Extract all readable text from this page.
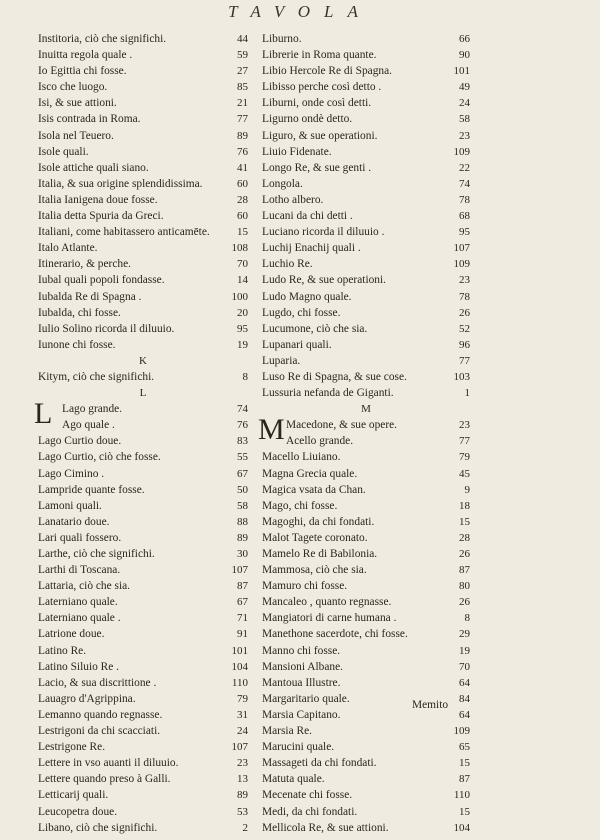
TAVOLA
Institoria, ciò che significhi.	44
Inuitta regola quale .	59
Io Egittia chi fosse.	27
Isco che luogo.	85
Isi, & sue attioni.	21
Isis contrada in Roma.	77
Isola nel Teuero.	89
Isole quali.	76
Isole attiche quali siano.	41
Italia, & sua origine splendidissima.	60
Italia Ianigena doue fosse.	28
Italia detta Spuria da Greci.	60
Italiani, come habitassero anticamēte. 15
Italo Atlante.	108
Itinerario, & perche.	70
Iubal quali popoli fondasse.	14
Iubalda Re di Spagna .	100
Iubalda, chi fosse.	20
Iulio Solino ricorda il diluuio.	95
Iunone chi fosse.	19
K
Kitym, ciò che significhi.	8
L
L Lago grande.	74
Ago quale .	76
Lago Curtio doue.	83
Lago Curtio, ciò che fosse.	55
Lago Cimino .	67
Lampride quante fosse.	50
Lamoni quali.	58
Lanatario doue.	88
Lari quali fossero.	89
Larthe, ciò che significhi.	30
Larthi di Toscana.	107
Lattaria, ciò che sia.	87
Laterniano quale.	67
Laterniano quale .	71
Latrione doue.	91
Latino Re.	101
Latino Siluio Re .	104
Lacio, & sua discrittione .	110
Lauagro d'Agrippina.	79
Lemanno quando regnasse.	31
Lestrigoni da chi scacciati.	24
Lestrigone Re.	107
Lettere in vso auanti il diluuio.	23
Lettere quando preso à Galli.	13
Letticarij quali.	89
Leucopetra doue.	53
Libano, ciò che significhi.	2
Liburno.	66
Librerie in Roma quante.	90
Libio Hercole Re di Spagna.	101
Libisso perche così detto .	49
Liburni, onde così detti.	24
Ligurno ondè detto.	58
Liguro, & sue operationi.	23
Liuio Fidenate.	109
Longo Re, & sue genti .	22
Longola.	74
Lotho albero.	78
Lucani da chi detti .	68
Luciano ricorda il diluuio .	95
Luchij Enachij quali .	107
Luchio Re.	109
Ludo Re, & sue operationi.	23
Ludo Magno quale.	78
Lugdo, chi fosse.	26
Lucumone, ciò che sia.	52
Lupanari quali.	96
Luparia.	77
Luso Re di Spagna, & sue cose.	103
Lussuria nefanda de Giganti.	1
M
M Macedone, & sue opere.	23
Acello grande.	77
Macello Liuiano.	79
Magna Grecia quale.	45
Magica vsata da Chan.	9
Mago, chi fosse.	18
Magoghi, da chi fondati.	15
Malot Tagete coronato.	28
Mamelo Re di Babilonia.	26
Mammosa, ciò che sia.	87
Mamuro chi fosse.	80
Mancaleo , quanto regnasse.	26
Mangiatori di carne humana .	8
Manethone sacerdote, chi fosse.	29
Manno chi fosse.	19
Mansioni Albane.	70
Mantoua Illustre.	64
Margaritario quale.	84
Marsia Capitano.	64
Marsia Re.	109
Marucini quale.	65
Massageti da chi fondati.	15
Matuta quale.	87
Mecenate chi fosse.	110
Medi, da chi fondati.	15
Mellicola Re, & sue attioni.	104
Memito
